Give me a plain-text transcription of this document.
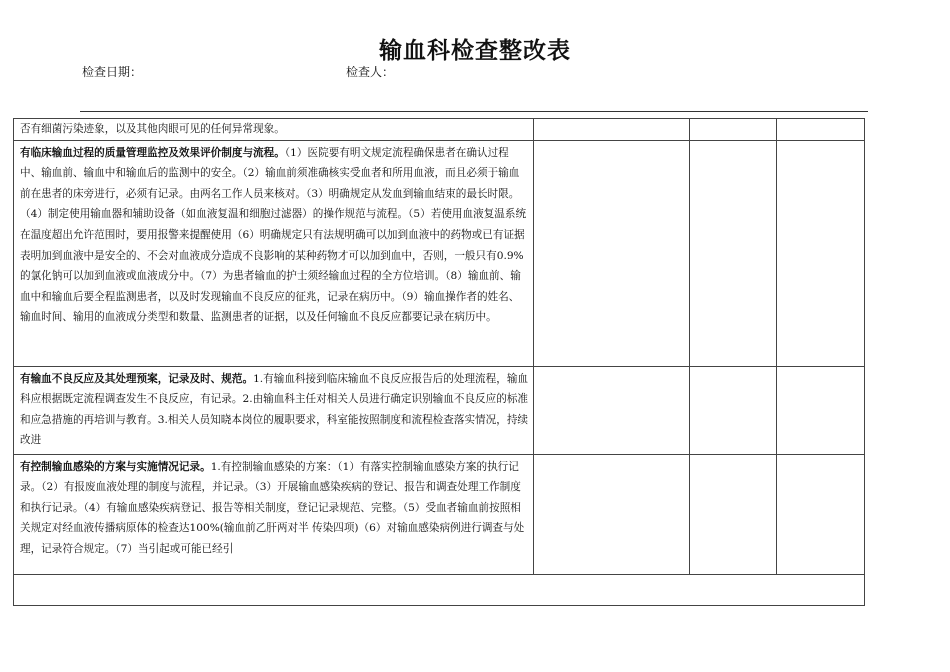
输血科检查整改表
检查日期：	检查人：
否有细菌污染迹象，以及其他肉眼可见的任何异常现象。			
有临床输血过程的质量管理监控及效果评价制度与流程。（1）医院要有明文规定流程确保患者在确认过程中、输血前、输血中和输血后的监测中的安全。（2）输血前须准确核实受血者和所用血液，而且必须于输血前在患者的床旁进行，必须有记录。由两名工作人员来核对。（3）明确规定从发血到输血结束的最长时限。（4）制定使用输血器和辅助设备（如血液复温和细胞过滤器）的操作规范与流程。（5）若使用血液复温系统在温度超出允许范围时，要用报警来提醒使用（6）明确规定只有法规明确可以加到血液中的药物或已有证据表明加到血液中是安全的、不会对血液成分造成不良影响的某种药物才可以加到血中，否则，一般只有0.9%的氯化钠可以加到血液或血液成分中。（7）为患者输血的护士须经输血过程的全方位培训。（8）输血前、输血中和输血后要全程监测患者，以及时发现输血不良反应的征兆，记录在病历中。（9）输血操作者的姓名、输血时间、输用的血液成分类型和数量、监测患者的证据，以及任何输血不良反应都要记录在病历中。			
有输血不良反应及其处理预案，记录及时、规范。1.有输血科接到临床输血不良反应报告后的处理流程，输血科应根据既定流程调查发生不良反应，有记录。2.由输血科主任对相关人员进行确定识别输血不良反应的标准和应急措施的再培训与教育。3.相关人员知晓本岗位的履职要求，科室能按照制度和流程检查落实情况，持续改进			
有控制输血感染的方案与实施情况记录。1.有控制输血感染的方案：（1）有落实控制输血感染方案的执行记录。（2）有报废血液处理的制度与流程，并记录。（3）开展输血感染疾病的登记、报告和调查处理工作制度和执行记录。（4）有输血感染疾病登记、报告等相关制度，登记记录规范、完整。（5）受血者输血前按照相关规定对经血液传播病原体的检查达100%(输血前乙肝两对半 传染四项)（6）对输血感染病例进行调查与处理，记录符合规定。（7）当引起或可能已经引			
